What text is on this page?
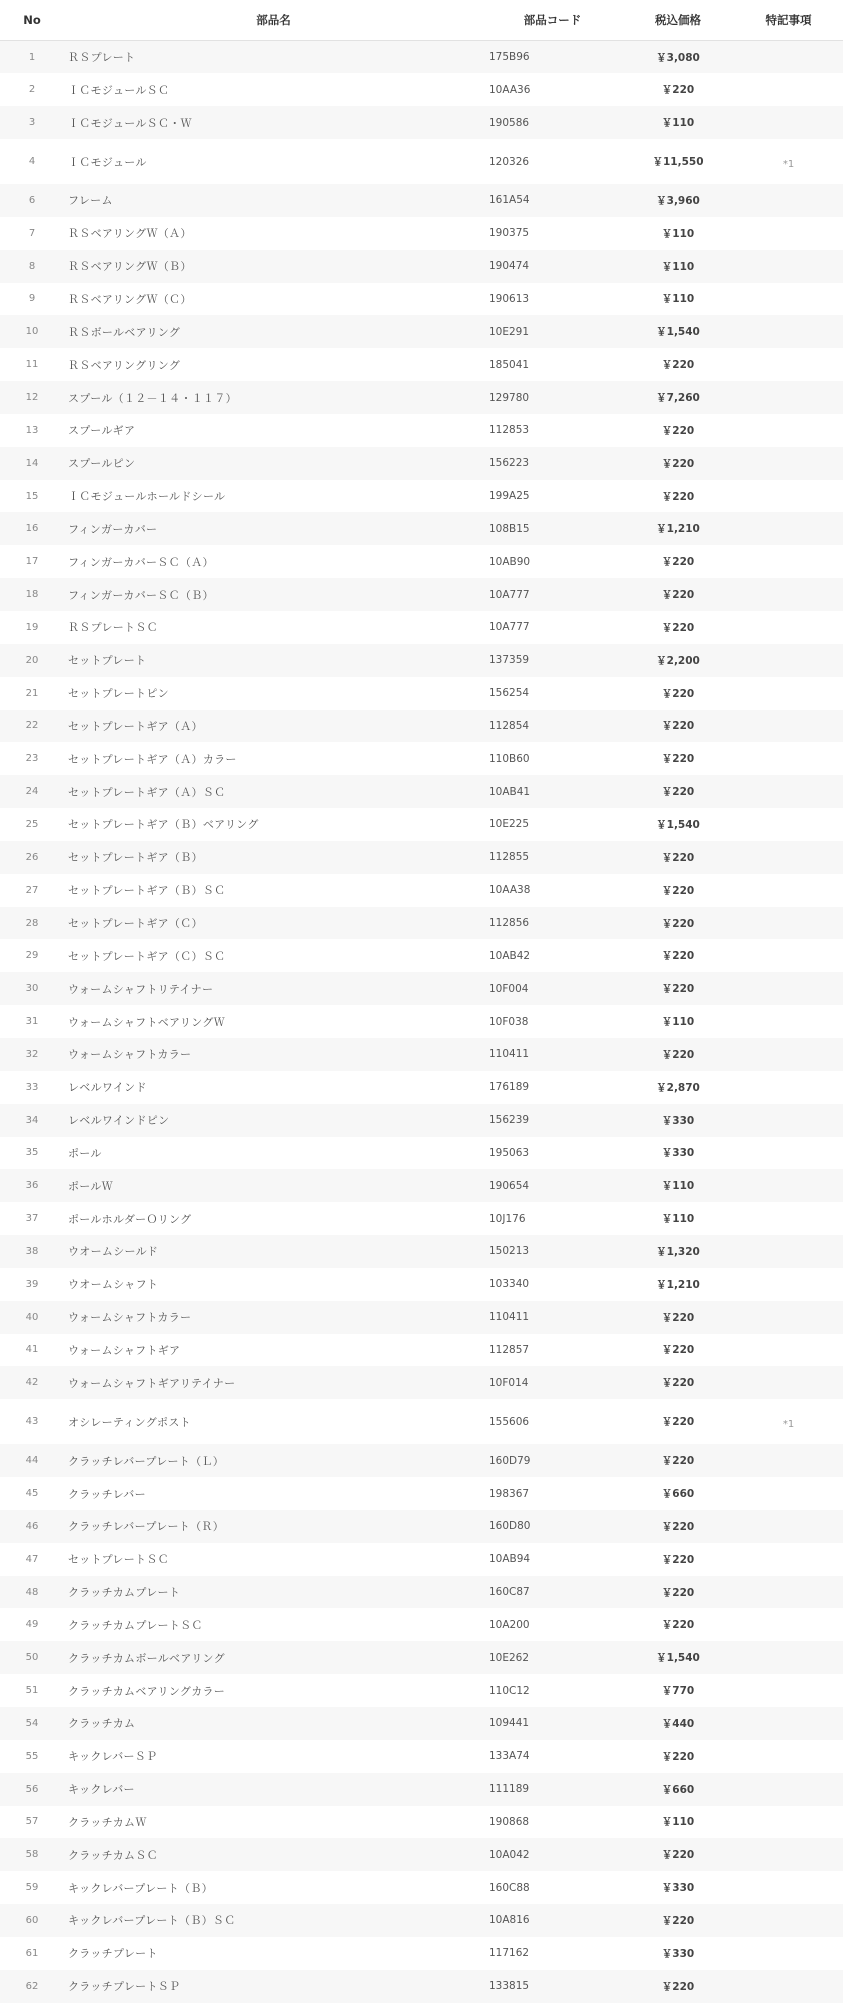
No	部品名	部品コード	税込価格	特記事項
1	ＲＳプレート	175B96	￥3,080	
2	ＩＣモジュールＳＣ	10AA36	￥220	
3	ＩＣモジュールＳＣ・Ｗ	190586	￥110	
4	ＩＣモジュール	120326	￥11,550	*1
6	フレーム	161A54	￥3,960	
7	ＲＳベアリングＷ（Ａ）	190375	￥110	
8	ＲＳベアリングＷ（Ｂ）	190474	￥110	
9	ＲＳベアリングＷ（Ｃ）	190613	￥110	
10	ＲＳボールベアリング	10E291	￥1,540	
11	ＲＳベアリングリング	185041	￥220	
12	スプール（１２－１４・１１７）	129780	￥7,260	
13	スプールギア	112853	￥220	
14	スプールピン	156223	￥220	
15	ＩＣモジュールホールドシール	199A25	￥220	
16	フィンガーカバー	108B15	￥1,210	
17	フィンガーカバーＳＣ（Ａ）	10AB90	￥220	
18	フィンガーカバーＳＣ（Ｂ）	10A777	￥220	
19	ＲＳプレートＳＣ	10A777	￥220	
20	セットプレート	137359	￥2,200	
21	セットプレートピン	156254	￥220	
22	セットプレートギア（Ａ）	112854	￥220	
23	セットプレートギア（Ａ）カラー	110B60	￥220	
24	セットプレートギア（Ａ）ＳＣ	10AB41	￥220	
25	セットプレートギア（Ｂ）ベアリング	10E225	￥1,540	
26	セットプレートギア（Ｂ）	112855	￥220	
27	セットプレートギア（Ｂ）ＳＣ	10AA38	￥220	
28	セットプレートギア（Ｃ）	112856	￥220	
29	セットプレートギア（Ｃ）ＳＣ	10AB42	￥220	
30	ウォームシャフトリテイナー	10F004	￥220	
31	ウォームシャフトベアリングＷ	10F038	￥110	
32	ウォームシャフトカラー	110411	￥220	
33	レベルワインド	176189	￥2,870	
34	レベルワインドピン	156239	￥330	
35	ポール	195063	￥330	
36	ポールＷ	190654	￥110	
37	ポールホルダーＯリング	10J176	￥110	
38	ウオームシールド	150213	￥1,320	
39	ウオームシャフト	103340	￥1,210	
40	ウォームシャフトカラー	110411	￥220	
41	ウォームシャフトギア	112857	￥220	
42	ウォームシャフトギアリテイナー	10F014	￥220	
43	オシレーティングポスト	155606	￥220	*1
44	クラッチレバープレート（Ｌ）	160D79	￥220	
45	クラッチレバー	198367	￥660	
46	クラッチレバープレート（Ｒ）	160D80	￥220	
47	セットプレートＳＣ	10AB94	￥220	
48	クラッチカムプレート	160C87	￥220	
49	クラッチカムプレートＳＣ	10A200	￥220	
50	クラッチカムボールベアリング	10E262	￥1,540	
51	クラッチカムベアリングカラー	110C12	￥770	
54	クラッチカム	109441	￥440	
55	キックレバーＳＰ	133A74	￥220	
56	キックレバー	111189	￥660	
57	クラッチカムＷ	190868	￥110	
58	クラッチカムＳＣ	10A042	￥220	
59	キックレバープレート（Ｂ）	160C88	￥330	
60	キックレバープレート（Ｂ）ＳＣ	10A816	￥220	
61	クラッチプレート	117162	￥330	
62	クラッチプレートＳＰ	133815	￥220	
